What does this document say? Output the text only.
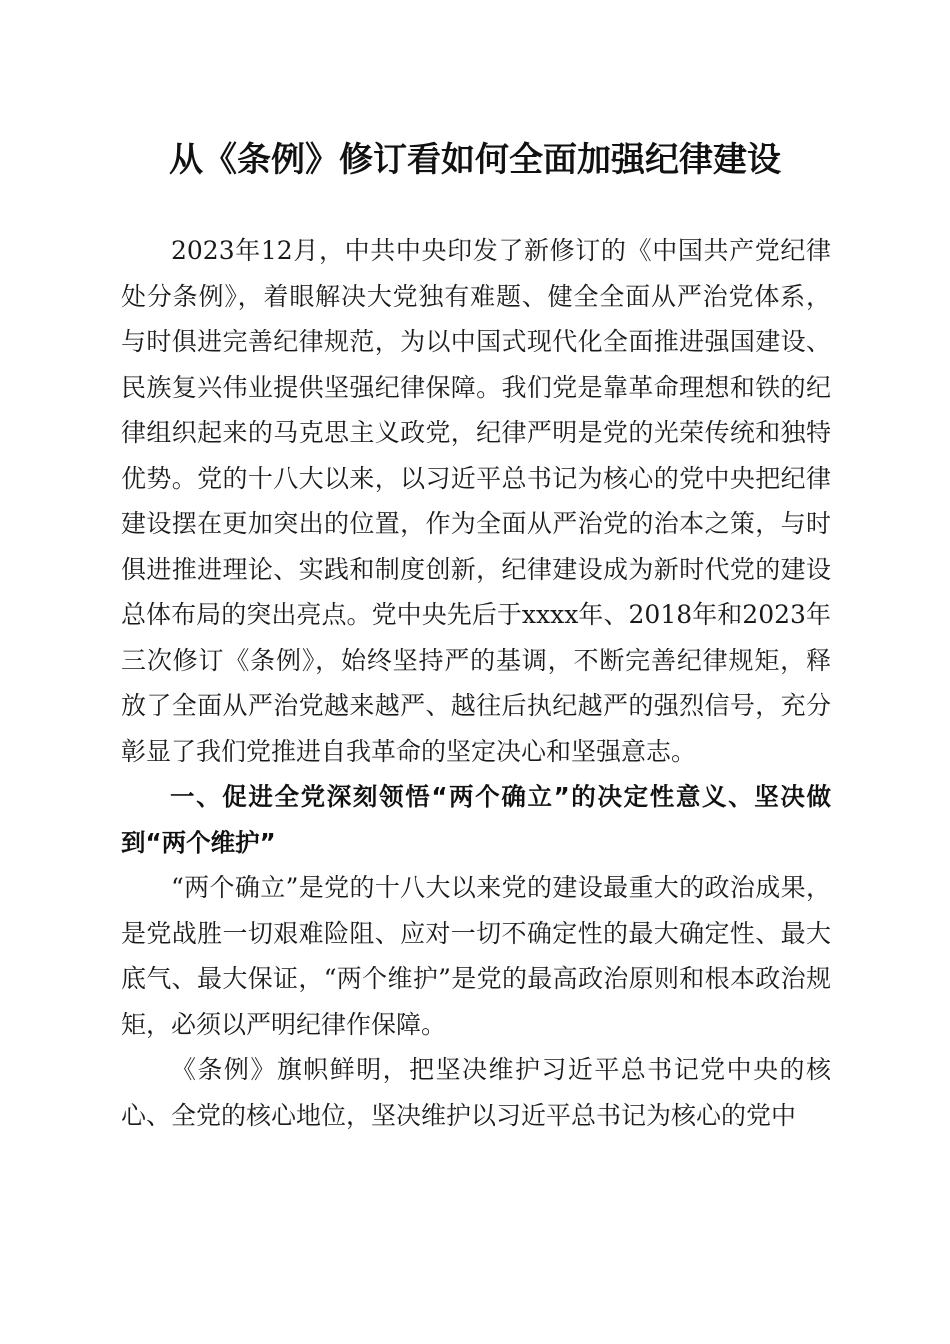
从《条例》修订看如何全面加强纪律建设

2023年12月，中共中央印发了新修订的《中国共产党纪律处分条例》，着眼解决大党独有难题、健全全面从严治党体系，与时俱进完善纪律规范，为以中国式现代化全面推进强国建设、民族复兴伟业提供坚强纪律保障。我们党是靠革命理想和铁的纪律组织起来的马克思主义政党，纪律严明是党的光荣传统和独特优势。党的十八大以来，以习近平总书记为核心的党中央把纪律建设摆在更加突出的位置，作为全面从严治党的治本之策，与时俱进推进理论、实践和制度创新，纪律建设成为新时代党的建设总体布局的突出亮点。党中央先后于xxxx年、2018年和2023年三次修订《条例》，始终坚持严的基调，不断完善纪律规矩，释放了全面从严治党越来越严、越往后执纪越严的强烈信号，充分彰显了我们党推进自我革命的坚定决心和坚强意志。

一、促进全党深刻领悟“两个确立”的决定性意义、坚决做到“两个维护”

“两个确立”是党的十八大以来党的建设最重大的政治成果，是党战胜一切艰难险阻、应对一切不确定性的最大确定性、最大底气、最大保证，“两个维护”是党的最高政治原则和根本政治规矩，必须以严明纪律作保障。

《条例》旗帜鲜明，把坚决维护习近平总书记党中央的核心、全党的核心地位，坚决维护以习近平总书记为核心的党中
